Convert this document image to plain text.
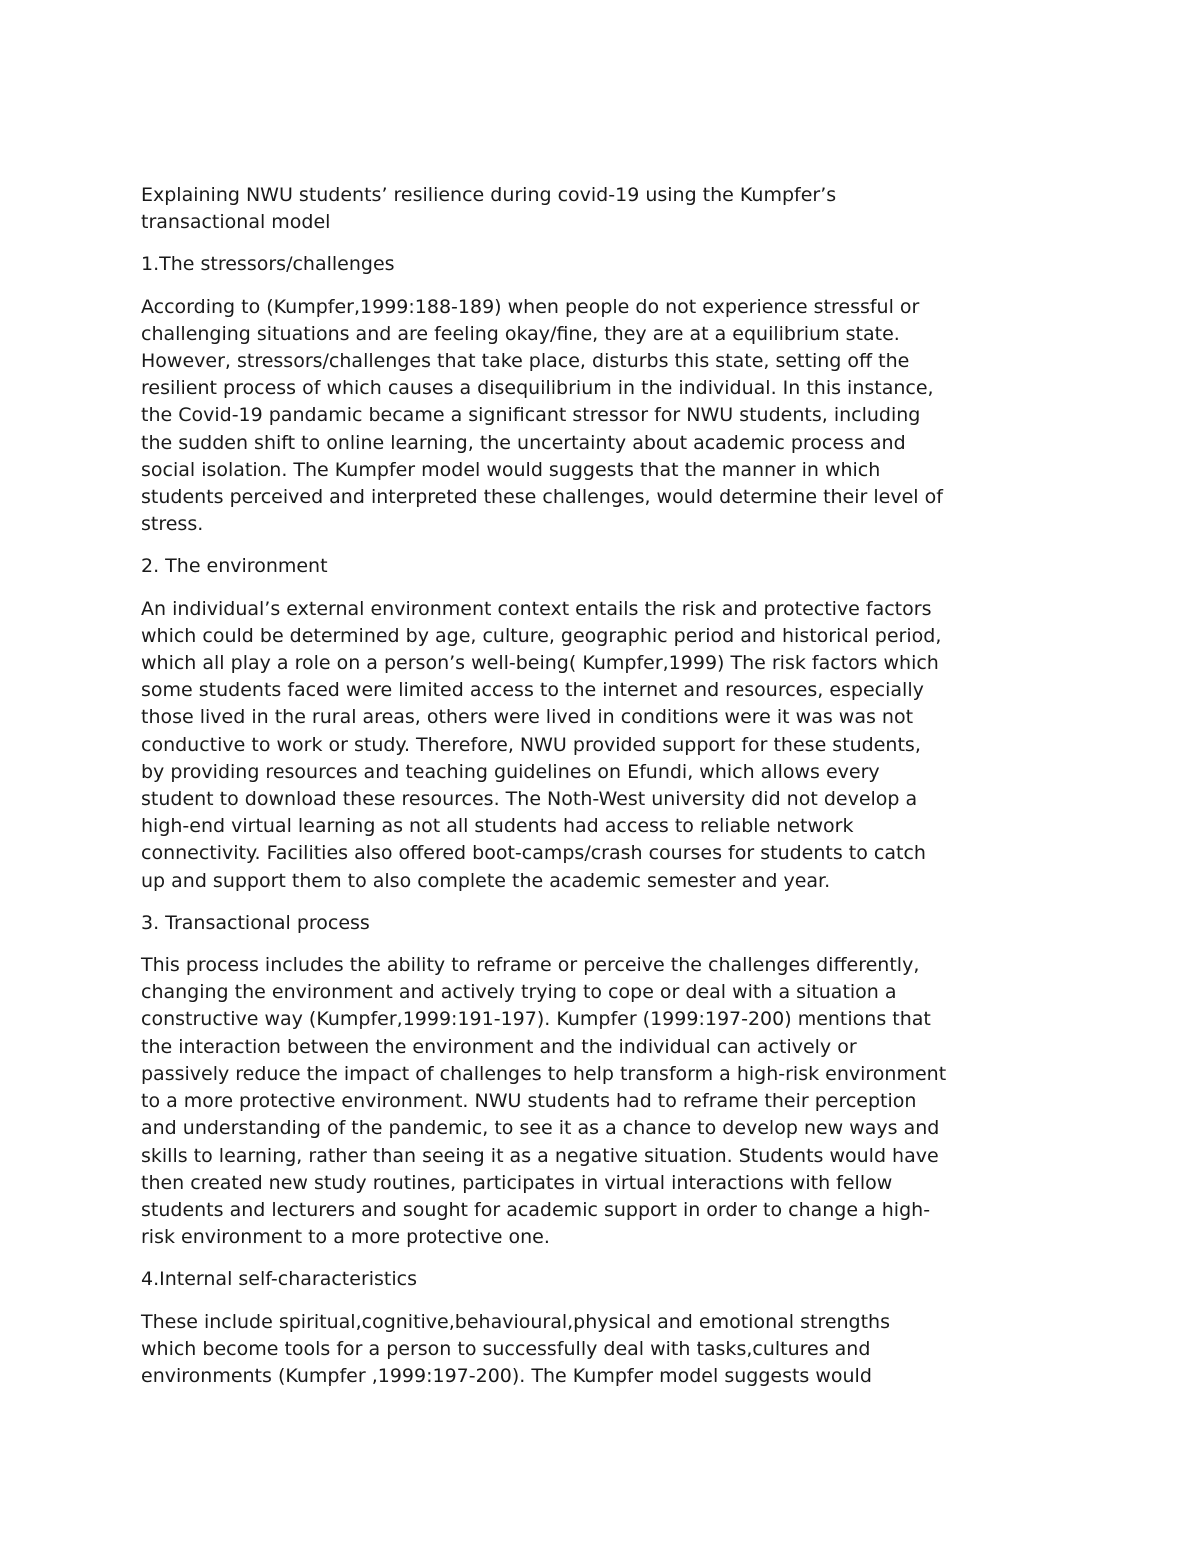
Explaining NWU students’ resilience during covid-19 using the Kumpfer’s
transactional model

1.The stressors/challenges

According to (Kumpfer,1999:188-189) when people do not experience stressful or
challenging situations and are feeling okay/fine, they are at a equilibrium state.
However, stressors/challenges that take place, disturbs this state, setting off the
resilient process of which causes a disequilibrium in the individual. In this instance,
the Covid-19 pandamic became a significant stressor for NWU students, including
the sudden shift to online learning, the uncertainty about academic process and
social isolation. The Kumpfer model would suggests that the manner in which
students perceived and interpreted these challenges, would determine their level of
stress.

2. The environment

An individual’s external environment context entails the risk and protective factors
which could be determined by age, culture, geographic period and historical period,
which all play a role on a person’s well-being( Kumpfer,1999) The risk factors which
some students faced were limited access to the internet and resources, especially
those lived in the rural areas, others were lived in conditions were it was was not
conductive to work or study. Therefore, NWU provided support for these students,
by providing resources and teaching guidelines on Efundi, which allows every
student to download these resources. The Noth-West university did not develop a
high-end virtual learning as not all students had access to reliable network
connectivity. Facilities also offered boot-camps/crash courses for students to catch
up and support them to also complete the academic semester and year.

3. Transactional process

This process includes the ability to reframe or perceive the challenges differently,
changing the environment and actively trying to cope or deal with a situation a
constructive way (Kumpfer,1999:191-197). Kumpfer (1999:197-200) mentions that
the interaction between the environment and the individual can actively or
passively reduce the impact of challenges to help transform a high-risk environment
to a more protective environment. NWU students had to reframe their perception
and understanding of the pandemic, to see it as a chance to develop new ways and
skills to learning, rather than seeing it as a negative situation. Students would have
then created new study routines, participates in virtual interactions with fellow
students and lecturers and sought for academic support in order to change a high-
risk environment to a more protective one.

4.Internal self-characteristics

These include spiritual,cognitive,behavioural,physical and emotional strengths
which become tools for a person to successfully deal with tasks,cultures and
environments (Kumpfer ,1999:197-200). The Kumpfer model suggests would
